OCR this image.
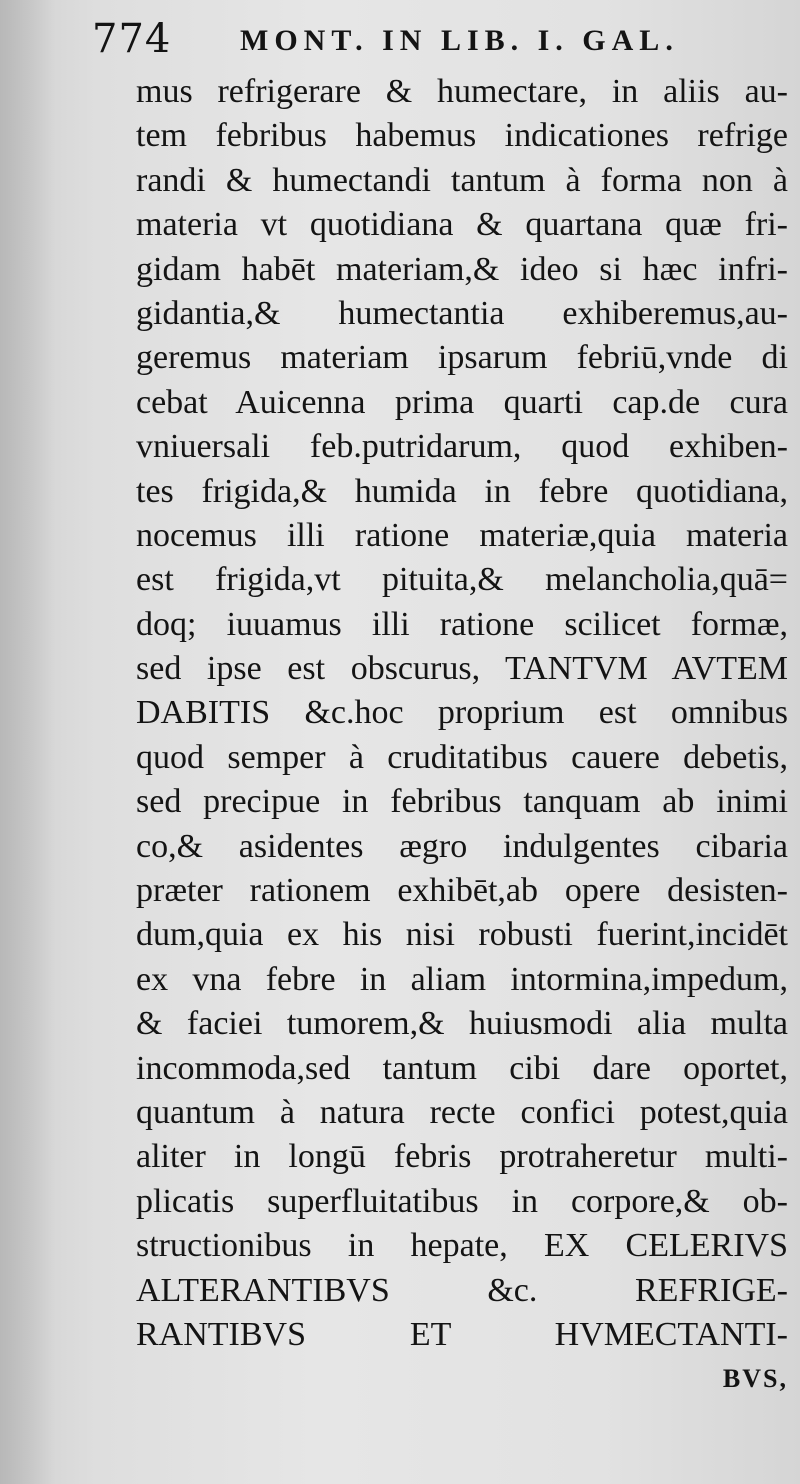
774 MONT. IN LIB. I. GAL.
mus refrigerare & humectare, in aliis au-
tem febribus habemus indicationes refrige
randi & humectandi tantum à forma non à
materia vt quotidiana & quartana quæ fri-
gidam habēt materiam,& ideo si hæc infri-
gidantia,& humectantia exhiberemus,au-
geremus materiam ipsarum febriū,vnde di
cebat Auicenna prima quarti cap.de cura
vniuersali feb.putridarum, quod exhiben-
tes frigida,& humida in febre quotidiana,
nocemus illi ratione materiæ,quia materia
est frigida,vt pituita,& melancholia,quā=
doq; iuuamus illi ratione scilicet formæ,
sed ipse est obscurus, TANTVM AVTEM
DABITIS &c.hoc proprium est omnibus
quod semper à cruditatibus cauere debetis,
sed precipue in febribus tanquam ab inimi
co,& asidentes ægro indulgentes cibaria
præter rationem exhibēt,ab opere desisten-
dum,quia ex his nisi robusti fuerint,incidēt
ex vna febre in aliam intormina,impedum,
& faciei tumorem,& huiusmodi alia multa
incommoda,sed tantum cibi dare oportet,
quantum à natura recte confici potest,quia
aliter in longū febris protraheretur multi-
plicatis superfluitatibus in corpore,& ob-
structionibus in hepate, EX CELERIVS
ALTERANTIBVS &c. REFRIGE-
RANTIBVS ET HVMECTANTI-
BVS,
